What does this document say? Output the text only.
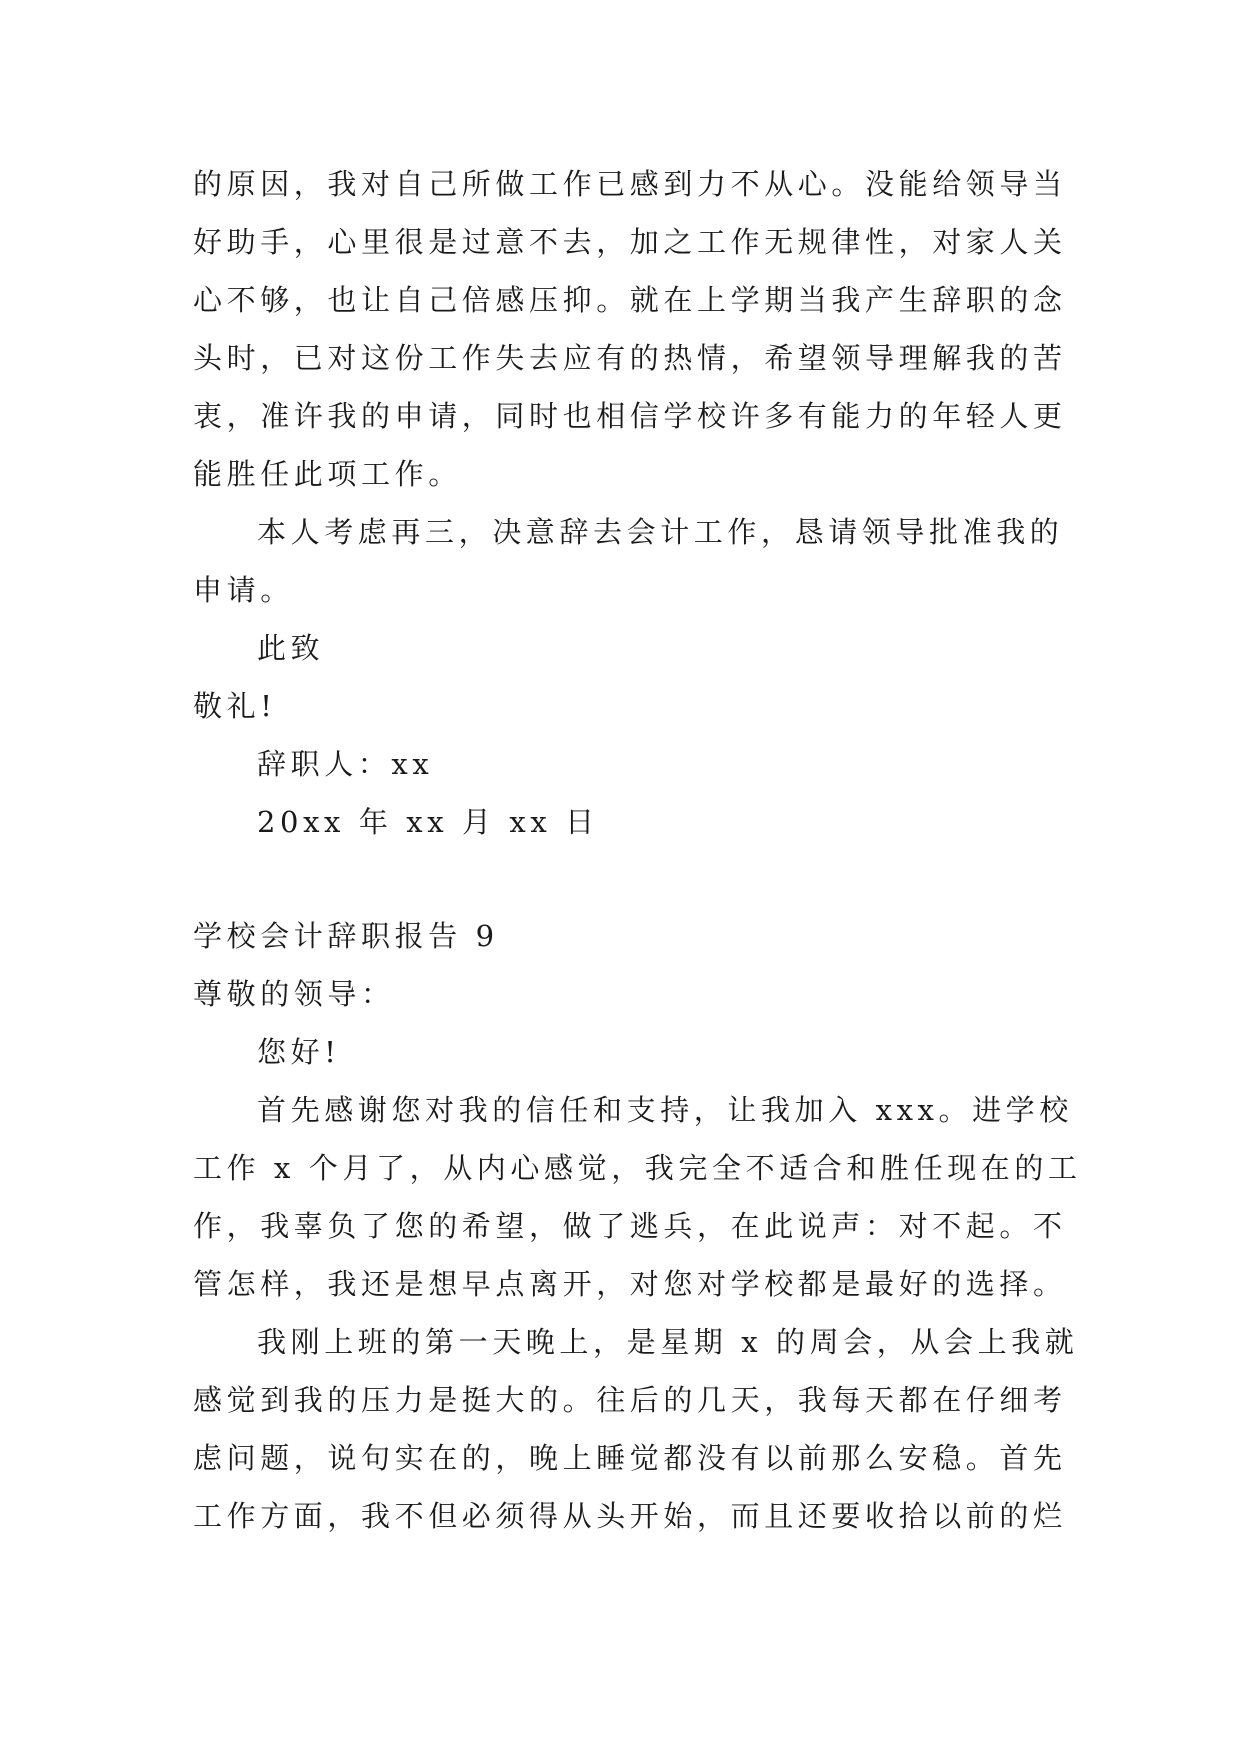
的原因，我对自己所做工作已感到力不从心。没能给领导当

好助手，心里很是过意不去，加之工作无规律性，对家人关

心不够，也让自己倍感压抑。就在上学期当我产生辞职的念

头时，已对这份工作失去应有的热情，希望领导理解我的苦

衷，准许我的申请，同时也相信学校许多有能力的年轻人更

能胜任此项工作。

本人考虑再三，决意辞去会计工作，恳请领导批准我的

申请。

此致

敬礼!

辞职人：xx

20xx 年 xx 月 xx 日

学校会计辞职报告 9

尊敬的领导：

您好!

首先感谢您对我的信任和支持，让我加入 xxx。进学校

工作 x 个月了，从内心感觉，我完全不适合和胜任现在的工

作，我辜负了您的希望，做了逃兵，在此说声：对不起。不

管怎样，我还是想早点离开，对您对学校都是最好的选择。

我刚上班的第一天晚上，是星期 x 的周会，从会上我就

感觉到我的压力是挺大的。往后的几天，我每天都在仔细考

虑问题，说句实在的，晚上睡觉都没有以前那么安稳。首先

工作方面，我不但必须得从头开始，而且还要收拾以前的烂
